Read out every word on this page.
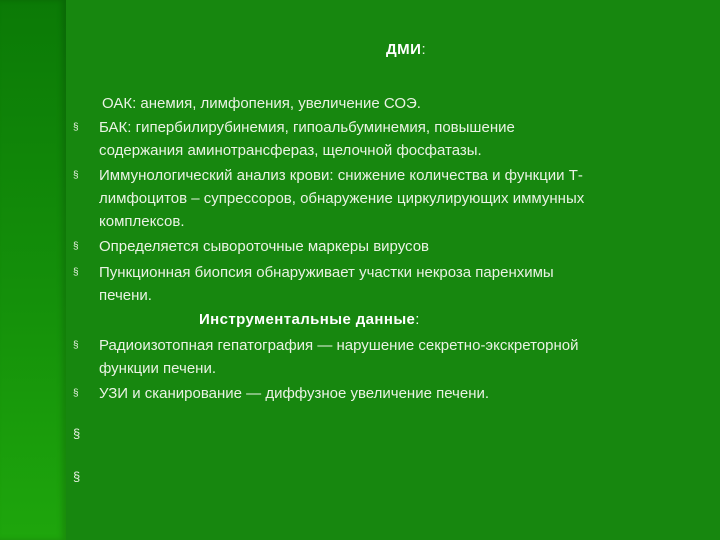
ДМИ:
ОАК: анемия, лимфопения, увеличение СОЭ.
§ БАК: гипербилирубинемия, гипоальбуминемия, повышение
содержания аминотрансфераз, щелочной фосфатазы.
§ Иммунологический анализ крови: снижение количества и функции Т-
лимфоцитов – супрессоров, обнаружение циркулирующих иммунных
комплексов.
§ Определяется сывороточные маркеры вирусов
§ Пункционная биопсия обнаруживает участки некроза паренхимы
печени.
Инструментальные данные:
§ Радиоизотопная гепатография — нарушение секретно-экскреторной
функции печени.
§ УЗИ и сканирование — диффузное увеличение печени.
§
§
